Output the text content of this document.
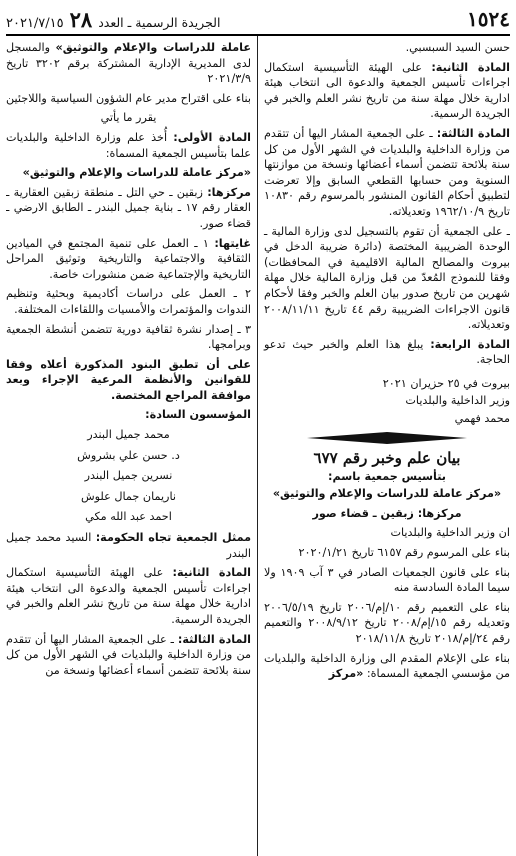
١٥٢٤
الجريدة الرسمية ـ العدد
٢٨
٢٠٢١/٧/١٥

حسن السيد السبسبي.

المادة الثانية: على الهيئة التأسيسية استكمال اجراءات تأسيس الجمعية والدعوة الى انتخاب هيئة ادارية خلال مهلة سنة من تاريخ نشر العلم والخبر في الجريدة الرسمية.

المادة الثالثة: ـ على الجمعية المشار اليها أن تتقدم من وزارة الداخلية والبلديات في الشهر الأول من كل سنة بلائحة تتضمن أسماء أعضائها ونسخة من موازنتها السنوية ومن حسابها القطعي السابق وإلا تعرضت لتطبيق أحكام القانون المنشور بالمرسوم رقم ١٠٨٣٠ تاريخ ١٩٦٢/١٠/٩ وتعديلاته.

ـ على الجمعية أن تقوم بالتسجيل لدى وزارة المالية ـ الوحدة الضريبية المختصة (دائرة ضريبة الدخل في بيروت والمصالح المالية الاقليمية في المحافظات) وفقا للنموذج المُعدّ من قبل وزارة المالية خلال مهلة شهرين من تاريخ صدور بيان العلم والخبر وفقا لأحكام قانون الاجراءات الضريبية رقم ٤٤ تاريخ ٢٠٠٨/١١/١١ وتعديلاته.

المادة الرابعة: يبلغ هذا العلم والخبر حيث تدعو الحاجة.

بيروت في ٢٥ حزيران ٢٠٢١

وزير الداخلية والبلديات

محمد فهمي

بيان علم وخبر رقم ٦٧٧

بتأسيس جمعية باسم:

«مركز عاملة للدراسات والإعلام والتوثيق»

مركزها: زبقين ـ قضاء صور

ان وزير الداخلية والبلديات

بناء على المرسوم رقم ٦١٥٧ تاريخ ٢٠٢٠/١/٢١

بناء على قانون الجمعيات الصادر في ٣ آب ١٩٠٩ ولا سيما المادة السادسة منه

بناء على التعميم رقم ١٠/إم/٢٠٠٦ تاريخ ٢٠٠٦/٥/١٩ وتعديله رقم ١٥/إم/٢٠٠٨ تاريخ ٢٠٠٨/٩/١٢ والتعميم رقم ٢٤/إم/٢٠١٨ تاريخ ٢٠١٨/١١/٨

بناء على الإعلام المقدم الى وزارة الداخلية والبلديات من مؤسسي الجمعية المسماة: «مركز

عاملة للدراسات والإعلام والتوثيق» والمسجل لدى المديرية الإدارية المشتركة برقم ٣٢٠٢ تاريخ ٢٠٢١/٣/٩

بناء على اقتراح مدير عام الشؤون السياسية واللاجئين

يقرر ما يأتي

المادة الأولى: أُخذ علم وزارة الداخلية والبلديات علما بتأسيس الجمعية المسماة:

«مركز عاملة للدراسات والإعلام والتوثيق»

مركزها: زبقين ـ حي التل ـ منطقة زبقين العقارية ـ العقار رقم ١٧ ـ بناية جميل البندر ـ الطابق الارضي ـ قضاء صور.

غايتها: ١ ـ العمل على تنمية المجتمع في الميادين الثقافية والاجتماعية والتاريخية وتوثيق المراحل التاريخية والإجتماعية ضمن منشورات خاصة.

٢ ـ العمل على دراسات أكاديمية وبحثية وتنظيم الندوات والمؤتمرات والأمسيات واللقاءات المختلفة.

٣ ـ إصدار نشرة ثقافية دورية تتضمن أنشطة الجمعية وبرامجها.

على أن تطبق البنود المذكورة أعلاه وفقا للقوانين والأنظمة المرعية الإجراء وبعد موافقة المراجع المختصة.

المؤسسون السادة:

محمد جميل البندر

د. حسن علي بشروش

نسرين جميل البندر

ناريمان جمال علوش

احمد عبد الله مكي

ممثل الجمعية تجاه الحكومة: السيد محمد جميل البندر

المادة الثانية: على الهيئة التأسيسية استكمال اجراءات تأسيس الجمعية والدعوة الى انتخاب هيئة ادارية خلال مهلة سنة من تاريخ نشر العلم والخبر في الجريدة الرسمية.

المادة الثالثة: ـ على الجمعية المشار اليها أن تتقدم من وزارة الداخلية والبلديات في الشهر الأول من كل سنة بلائحة تتضمن أسماء أعضائها ونسخة من
